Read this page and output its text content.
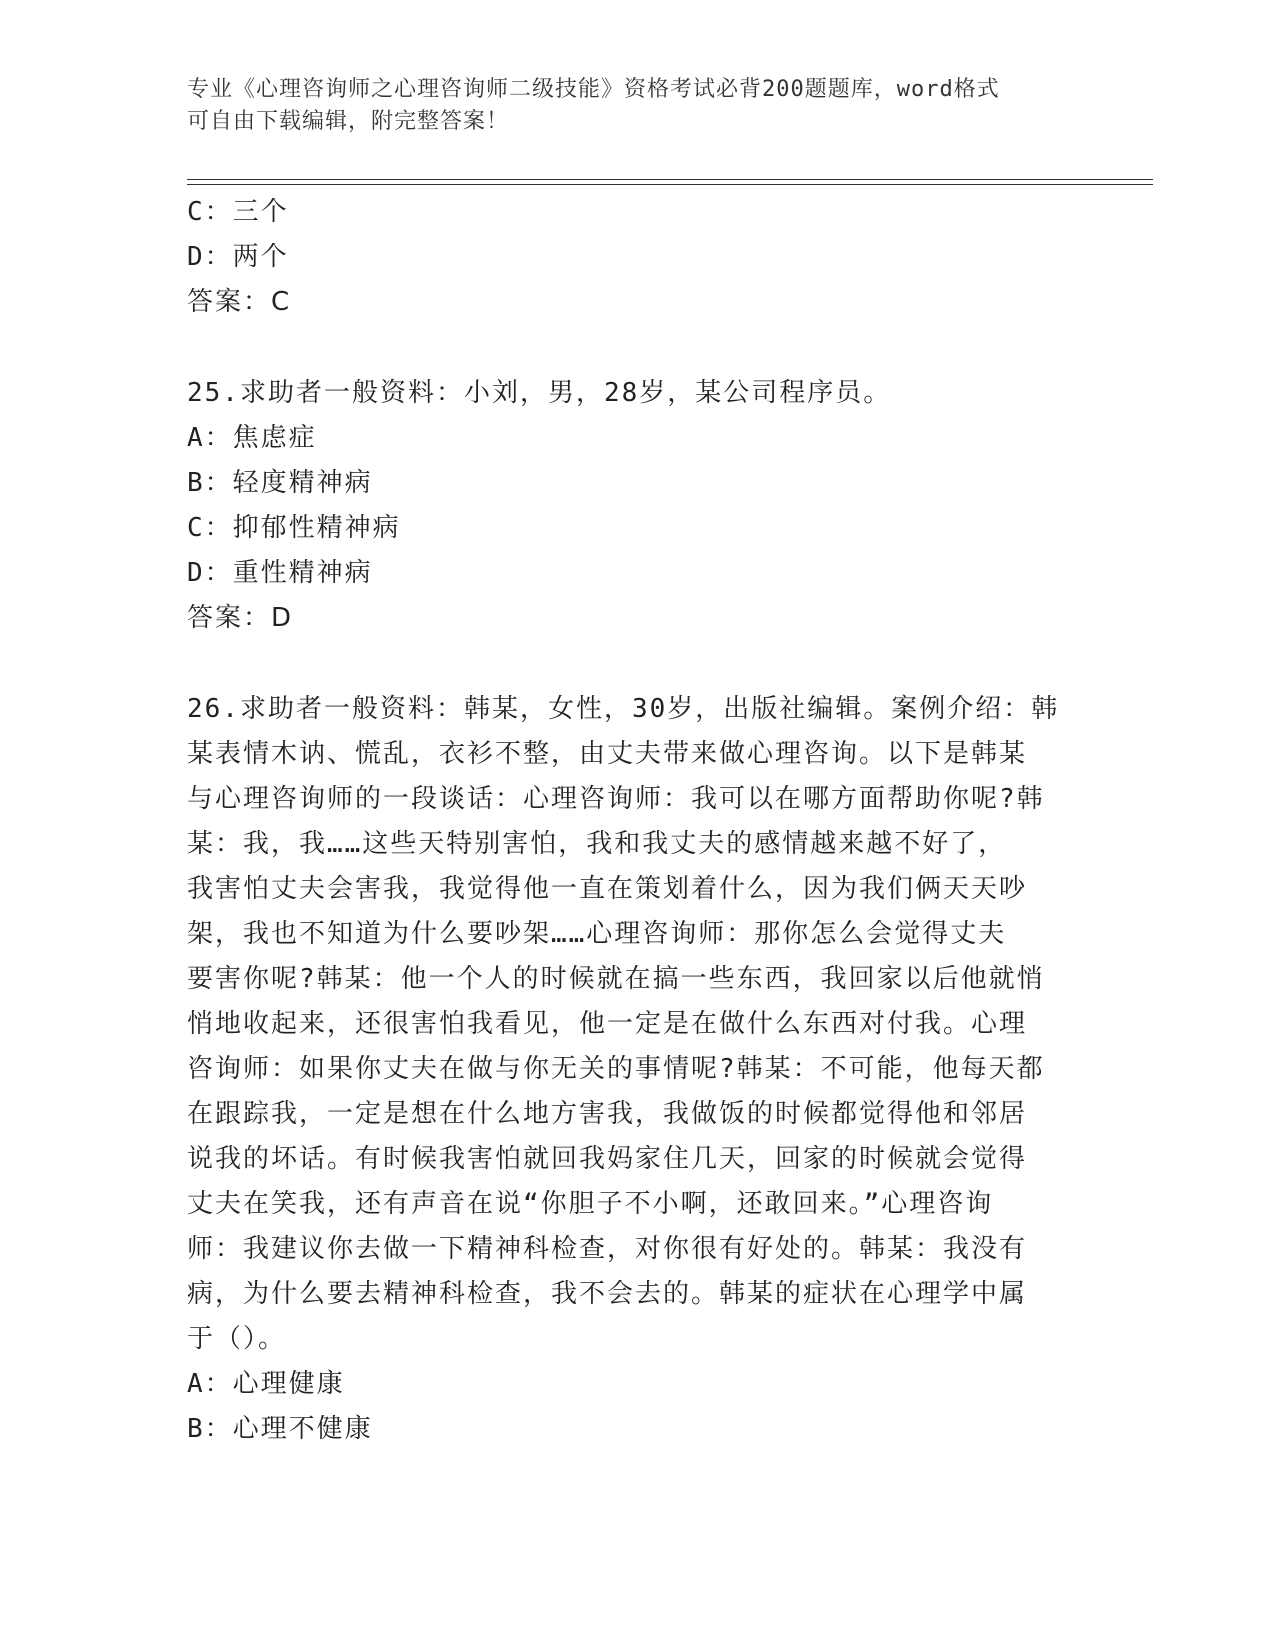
专业《心理咨询师之心理咨询师二级技能》资格考试必背200题题库，word格式
可自由下载编辑，附完整答案！
C：三个
D：两个
答案：C
25.求助者一般资料：小刘，男，28岁，某公司程序员。
A：焦虑症
B：轻度精神病
C：抑郁性精神病
D：重性精神病
答案：D
26.求助者一般资料：韩某，女性，30岁，出版社编辑。案例介绍：韩
某表情木讷、慌乱，衣衫不整，由丈夫带来做心理咨询。以下是韩某
与心理咨询师的一段谈话：心理咨询师：我可以在哪方面帮助你呢?韩
某：我，我……这些天特别害怕，我和我丈夫的感情越来越不好了，
我害怕丈夫会害我，我觉得他一直在策划着什么，因为我们俩天天吵
架，我也不知道为什么要吵架……心理咨询师：那你怎么会觉得丈夫
要害你呢?韩某：他一个人的时候就在搞一些东西，我回家以后他就悄
悄地收起来，还很害怕我看见，他一定是在做什么东西对付我。心理
咨询师：如果你丈夫在做与你无关的事情呢?韩某：不可能，他每天都
在跟踪我，一定是想在什么地方害我，我做饭的时候都觉得他和邻居
说我的坏话。有时候我害怕就回我妈家住几天，回家的时候就会觉得
丈夫在笑我，还有声音在说“你胆子不小啊，还敢回来。”心理咨询
师：我建议你去做一下精神科检查，对你很有好处的。韩某：我没有
病，为什么要去精神科检查，我不会去的。韩某的症状在心理学中属
于（）。
A：心理健康
B：心理不健康
